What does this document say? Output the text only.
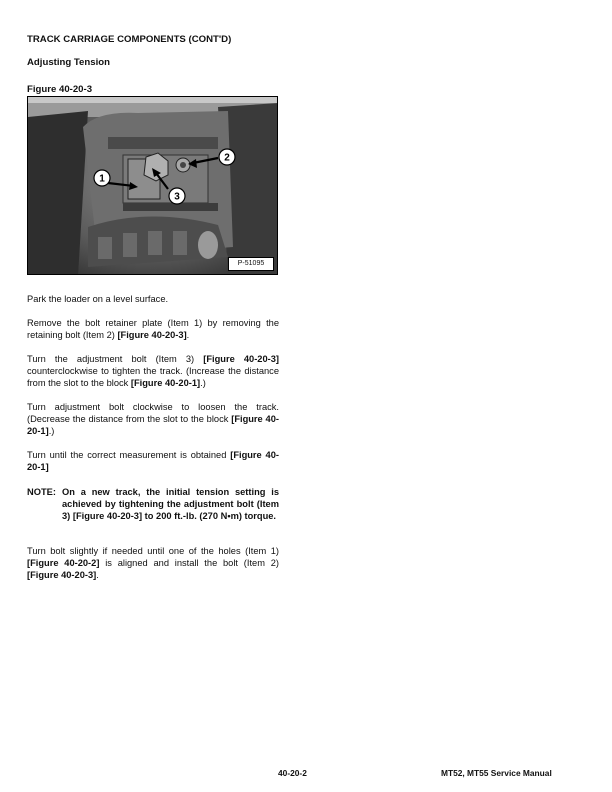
TRACK CARRIAGE COMPONENTS (CONT'D)
Adjusting Tension
Figure 40-20-3
1
2
3
P-51095

Park the loader on a level surface.

Remove the bolt retainer plate (Item 1) by removing the retaining bolt (Item 2) [Figure 40-20-3].

Turn the adjustment bolt (Item 3) [Figure 40-20-3] counterclockwise to tighten the track. (Increase the distance from the slot to the block [Figure 40-20-1].)

Turn adjustment bolt clockwise to loosen the track. (Decrease the distance from the slot to the block [Figure 40-20-1].)

Turn until the correct measurement is obtained [Figure 40-20-1]

NOTE: On a new track, the initial tension setting is achieved by tightening the adjustment bolt (Item 3) [Figure 40-20-3] to 200 ft.-lb. (270 N•m) torque.

Turn bolt slightly if needed until one of the holes (Item 1) [Figure 40-20-2] is aligned and install the bolt (Item 2) [Figure 40-20-3].

40-20-2	MT52, MT55 Service Manual
